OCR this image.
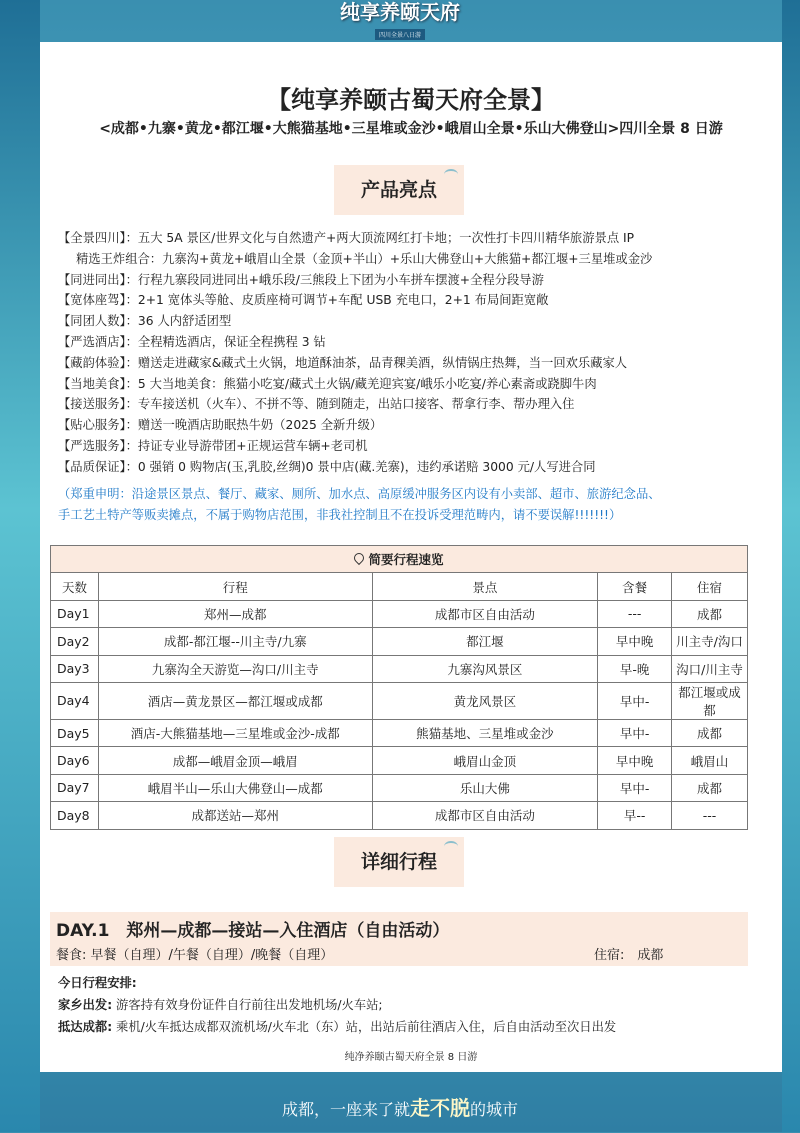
纯享养颐天府
四川全景八日游
【纯享养颐古蜀天府全景】
<成都•九寨•黄龙•都江堰•大熊猫基地•三星堆或金沙•峨眉山全景•乐山大佛登山>四川全景 8 日游
产品亮点
【全景四川】：五大 5A 景区/世界文化与自然遗产+两大顶流网红打卡地；一次性打卡四川精华旅游景点 IP
精选王炸组合：九寨沟+黄龙+峨眉山全景（金顶+半山）+乐山大佛登山+大熊猫+都江堰+三星堆或金沙
【同进同出】：行程九寨段同进同出+峨乐段/三熊段上下团为小车拼车摆渡+全程分段导游
【宽体座驾】：2+1 宽体头等舱、皮质座椅可调节+车配 USB 充电口，2+1 布局间距宽敞
【同团人数】：36 人内舒适团型
【严选酒店】：全程精选酒店，保证全程携程 3 钻
【藏韵体验】：赠送走进藏家&藏式土火锅，地道酥油茶，品青稞美酒，纵情锅庄热舞，当一回欢乐藏家人
【当地美食】：5 大当地美食：熊猫小吃宴/藏式土火锅/藏羌迎宾宴/峨乐小吃宴/养心素斋或跷脚牛肉
【接送服务】：专车接送机（火车）、不拼不等、随到随走，出站口接客、帮拿行李、帮办理入住
【贴心服务】：赠送一晚酒店助眠热牛奶（2025 全新升级）
【严选服务】：持证专业导游带团+正规运营车辆+老司机
【品质保证】：0 强销 0 购物店(玉,乳胶,丝绸)0 景中店(藏.羌寨)，违约承诺赔 3000 元/人写进合同
（郑重申明：沿途景区景点、餐厅、藏家、厕所、加水点、高原缓冲服务区内设有小卖部、超市、旅游纪念品、
手工艺土特产等贩卖摊点，不属于购物店范围，非我社控制且不在投诉受理范畴内，请不要误解!!!!!!!）
简要行程速览				
天数	行程	景点	含餐	住宿
Day1	郑州—成都	成都市区自由活动	---	成都
Day2	成都-都江堰--川主寺/九寨	都江堰	早中晚	川主寺/沟口
Day3	九寨沟全天游览—沟口/川主寺	九寨沟风景区	早-晚	沟口/川主寺
Day4	酒店—黄龙景区—都江堰或成都	黄龙风景区	早中-	都江堰或成都
Day5	酒店-大熊猫基地—三星堆或金沙-成都	熊猫基地、三星堆或金沙	早中-	成都
Day6	成都—峨眉金顶—峨眉	峨眉山金顶	早中晚	峨眉山
Day7	峨眉半山—乐山大佛登山—成都	乐山大佛	早中-	成都
Day8	成都送站—郑州	成都市区自由活动	早--	---
详细行程
DAY.1　郑州—成都—接站—入住酒店（自由活动）
餐食: 早餐（自理）/午餐（自理）/晚餐（自理）	住宿:　成都
今日行程安排:
家乡出发: 游客持有效身份证件自行前往出发地机场/火车站;
抵达成都: 乘机/火车抵达成都双流机场/火车北（东）站，出站后前往酒店入住，后自由活动至次日出发
纯净养颐古蜀天府全景 8 日游
成都，一座来了就走不脱的城市
